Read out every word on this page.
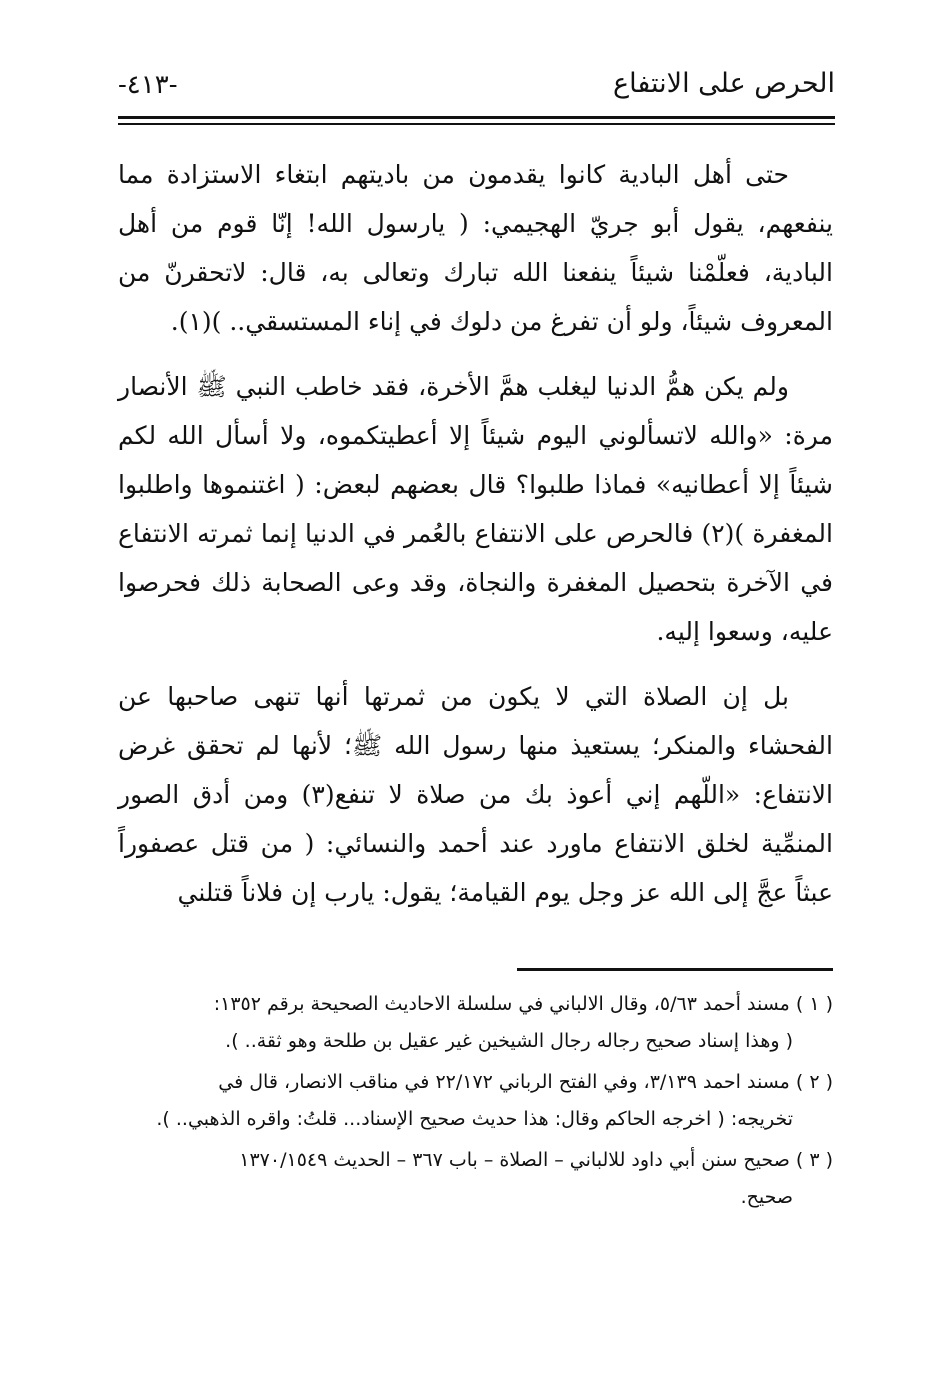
الحرص على الانتفاع
-٤١٣-

حتى أهل البادية كانوا يقدمون من باديتهم ابتغاء الاستزادة مما ينفعهم، يقول أبو جريّ الهجيمي: ( يارسول الله! إنّا قوم من أهل البادية، فعلّمْنا شيئاً ينفعنا الله تبارك وتعالى به، قال: لاتحقرنّ من المعروف شيئاً، ولو أن تفرغ من دلوك في إناء المستسقي.. )(١).

ولم يكن همُّ الدنيا ليغلب همَّ الأخرة، فقد خاطب النبي ﷺ الأنصار مرة: «والله لاتسألوني اليوم شيئاً إلا أعطيتكموه، ولا أسأل الله لكم شيئاً إلا أعطانيه» فماذا طلبوا؟ قال بعضهم لبعض: ( اغتنموها واطلبوا المغفرة )(٢) فالحرص على الانتفاع بالعُمر في الدنيا إنما ثمرته الانتفاع في الآخرة بتحصيل المغفرة والنجاة، وقد وعى الصحابة ذلك فحرصوا عليه، وسعوا إليه.

بل إن الصلاة التي لا يكون من ثمرتها أنها تنهى صاحبها عن الفحشاء والمنكر؛ يستعيذ منها رسول الله ﷺ؛ لأنها لم تحقق غرض الانتفاع: «اللّهم إني أعوذ بك من صلاة لا تنفع(٣) ومن أدق الصور المنمِّية لخلق الانتفاع ماورد عند أحمد والنسائي: ( من قتل عصفوراً عبثاً عجَّ إلى الله عز وجل يوم القيامة؛ يقول: يارب إن فلاناً قتلني

( ١ ) مسند أحمد ٥/٦٣، وقال الالباني في سلسلة الاحاديث الصحيحة برقم ١٣٥٢:
( وهذا إسناد صحيح رجاله رجال الشيخين غير عقيل بن طلحة وهو ثقة.. ).
( ٢ ) مسند احمد ٣/١٣٩، وفي الفتح الرباني ٢٢/١٧٢ في مناقب الانصار، قال في
تخريجه: ( اخرجه الحاكم وقال: هذا حديث صحيح الإسناد... قلتُ: واقره الذهبي.. ).
( ٣ ) صحيح سنن أبي داود للالباني – الصلاة – باب ٣٦٧ – الحديث ١٣٧٠/١٥٤٩
صحيح.
